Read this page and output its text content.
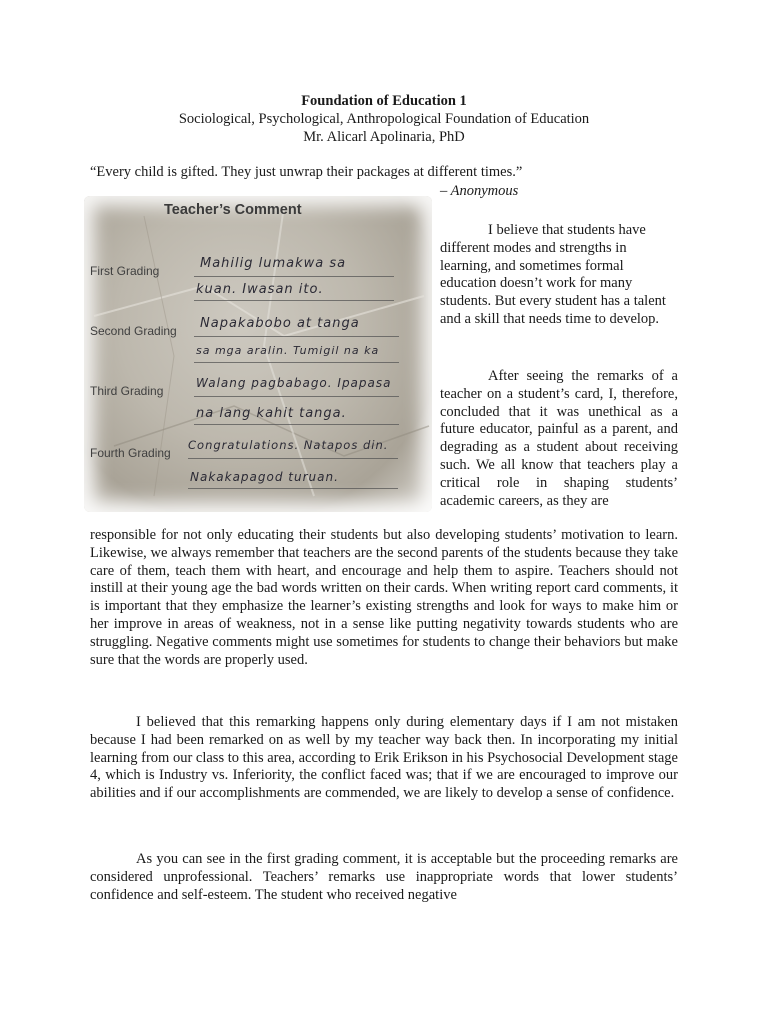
Foundation of Education 1
Sociological, Psychological, Anthropological Foundation of Education
Mr. Alicarl Apolinaria, PhD
“Every child is gifted. They just unwrap their packages at different times.”
– Anonymous
Teacher’s Comment
First Grading	Mahilig lumakwa sa
kuan. Iwasan ito.
Second Grading Napakabobo at tanga
sa mga aralin. Tumigil na ka
Third Grading
Walang pagbabago. Ipapasa
na lang kahit tanga.
Fourth Grading
Congratulations. Natapos din.
Nakakapagod turuan.

I believe that students have different modes and strengths in learning, and sometimes formal education doesn’t work for many students. But every student has a talent and a skill that needs time to develop.

After seeing the remarks of a teacher on a student’s card, I, therefore, concluded that it was unethical as a future educator, painful as a parent, and degrading as a student about receiving such. We all know that teachers play a critical role in shaping students’ academic careers, as they are

responsible for not only educating their students but also developing students’ motivation to learn. Likewise, we always remember that teachers are the second parents of the students because they take care of them, teach them with heart, and encourage and help them to aspire. Teachers should not instill at their young age the bad words written on their cards. When writing report card comments, it is important that they emphasize the learner’s existing strengths and look for ways to make him or her improve in areas of weakness, not in a sense like putting negativity towards students who are struggling. Negative comments might use sometimes for students to change their behaviors but make sure that the words are properly used.

I believed that this remarking happens only during elementary days if I am not mistaken because I had been remarked on as well by my teacher way back then. In incorporating my initial learning from our class to this area, according to Erik Erikson in his Psychosocial Development stage 4, which is Industry vs. Inferiority, the conflict faced was; that if we are encouraged to improve our abilities and if our accomplishments are commended, we are likely to develop a sense of confidence.

As you can see in the first grading comment, it is acceptable but the proceeding remarks are considered unprofessional. Teachers’ remarks use inappropriate words that lower students’ confidence and self-esteem. The student who received negative
